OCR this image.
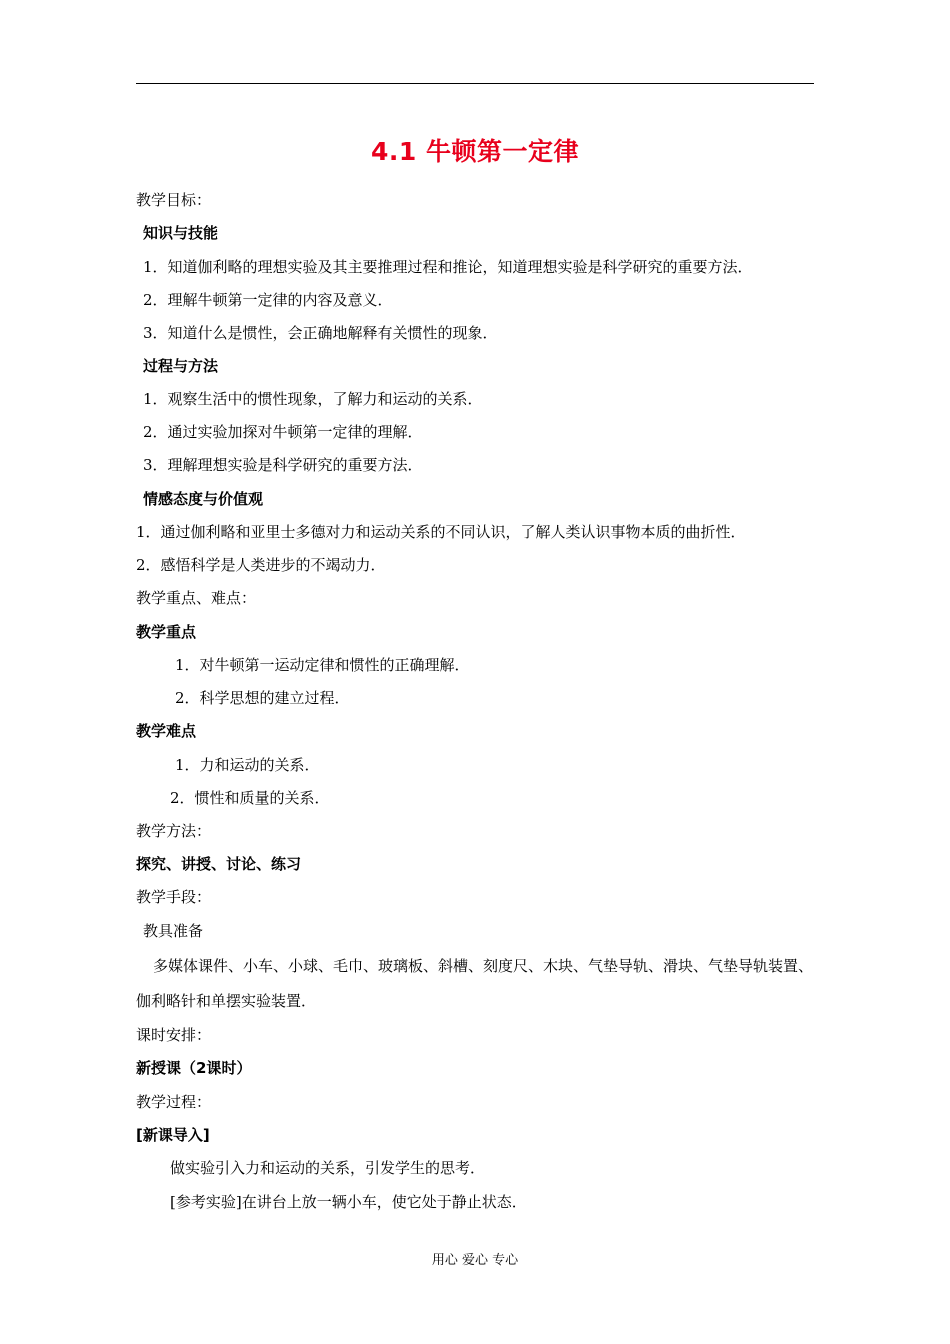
4.1 牛顿第一定律
教学目标：
知识与技能
1．知道伽利略的理想实验及其主要推理过程和推论，知道理想实验是科学研究的重要方法．
2．理解牛顿第一定律的内容及意义．
3．知道什么是惯性，会正确地解释有关惯性的现象．
过程与方法
1．观察生活中的惯性现象，了解力和运动的关系．
2．通过实验加探对牛顿第一定律的理解．
3．理解理想实验是科学研究的重要方法．
情感态度与价值观
1．通过伽利略和亚里士多德对力和运动关系的不同认识，了解人类认识事物本质的曲折性．
2．感悟科学是人类进步的不竭动力．
教学重点、难点：
教学重点
1．对牛顿第一运动定律和惯性的正确理解．
2．科学思想的建立过程．
教学难点
1．力和运动的关系．
2．惯性和质量的关系．
教学方法：
探究、讲授、讨论、练习
教学手段：
教具准备
多媒体课件、小车、小球、毛巾、玻璃板、斜槽、刻度尺、木块、气垫导轨、滑块、气垫导轨装置、
伽利略针和单摆实验装置．
课时安排：
新授课（2课时）
教学过程：
[新课导入]
做实验引入力和运动的关系，引发学生的思考．
[参考实验]在讲台上放一辆小车，使它处于静止状态．
用心 爱心 专心
